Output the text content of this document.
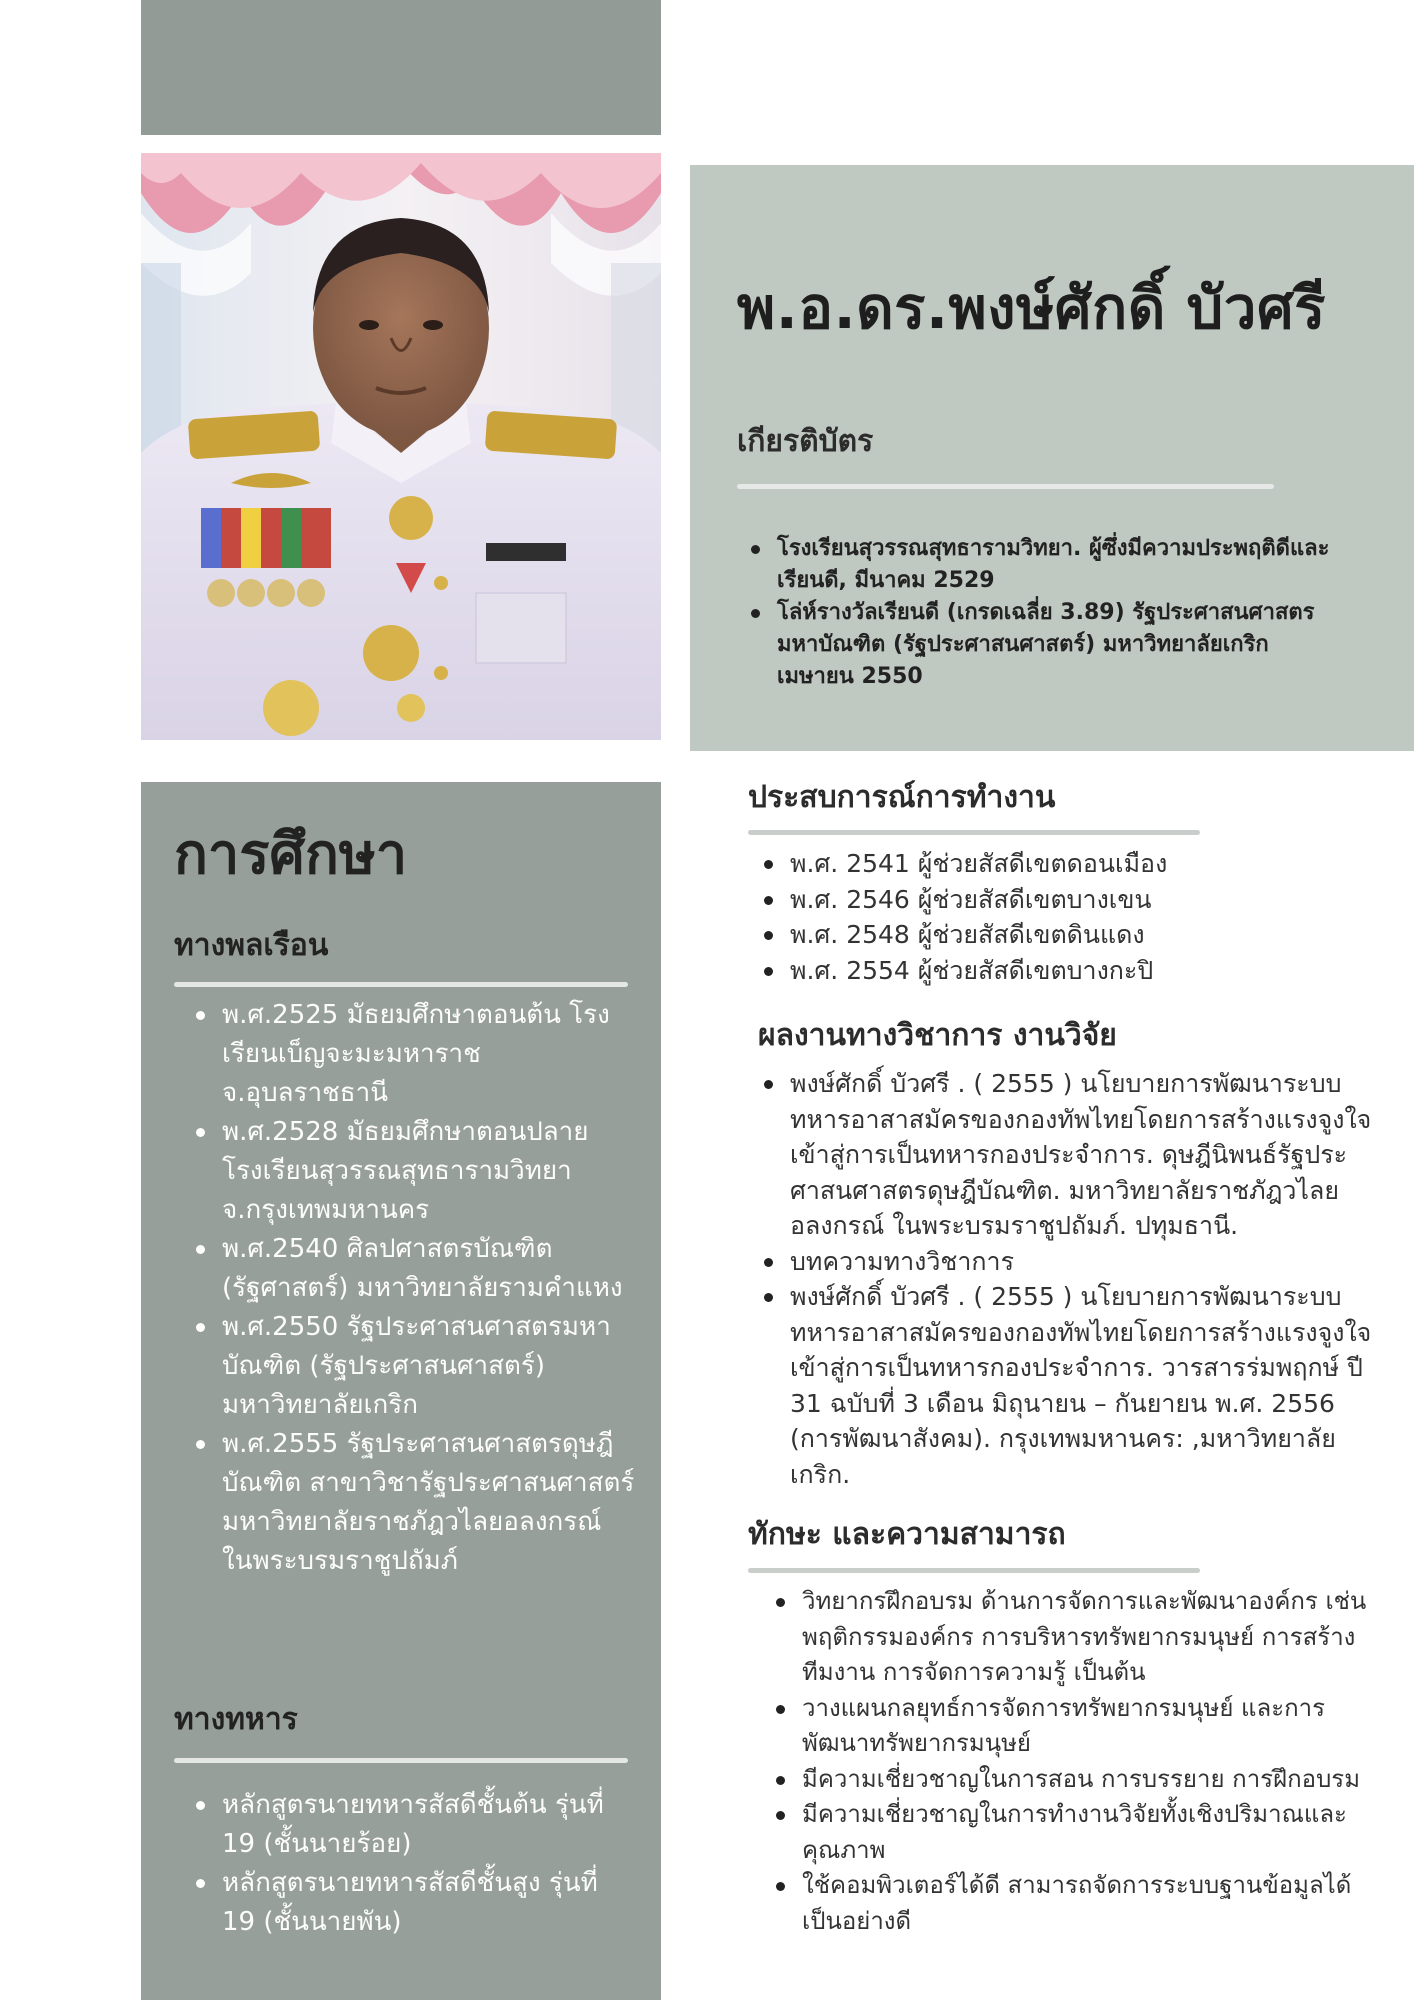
พ.อ.ดร.พงษ์ศักดิ์ บัวศรี
เกียรติบัตร
โรงเรียนสุวรรณสุทธารามวิทยา. ผู้ซึ่งมีความประพฤติดีและเรียนดี, มีนาคม 2529
โล่ห์รางวัลเรียนดี (เกรดเฉลี่ย 3.89) รัฐประศาสนศาสตรมหาบัณฑิต (รัฐประศาสนศาสตร์) มหาวิทยาลัยเกริก เมษายน 2550
ประสบการณ์การทำงาน
พ.ศ. 2541 ผู้ช่วยสัสดีเขตดอนเมือง
พ.ศ. 2546 ผู้ช่วยสัสดีเขตบางเขน
พ.ศ. 2548 ผู้ช่วยสัสดีเขตดินแดง
พ.ศ. 2554 ผู้ช่วยสัสดีเขตบางกะปิ
ผลงานทางวิชาการ งานวิจัย
พงษ์ศักดิ์ บัวศรี . ( 2555 ) นโยบายการพัฒนาระบบทหารอาสาสมัครของกองทัพไทยโดยการสร้างแรงจูงใจเข้าสู่การเป็นทหารกองประจำการ. ดุษฎีนิพนธ์รัฐประศาสนศาสตรดุษฎีบัณฑิต. มหาวิทยาลัยราชภัฎวไลยอลงกรณ์ ในพระบรมราชูปถัมภ์. ปทุมธานี.
บทความทางวิชาการ
พงษ์ศักดิ์ บัวศรี . ( 2555 ) นโยบายการพัฒนาระบบทหารอาสาสมัครของกองทัพไทยโดยการสร้างแรงจูงใจเข้าสู่การเป็นทหารกองประจำการ. วารสารร่มพฤกษ์ ปี 31 ฉบับที่ 3 เดือน มิถุนายน – กันยายน พ.ศ. 2556 (การพัฒนาสังคม). กรุงเทพมหานคร: ,มหาวิทยาลัยเกริก.
ทักษะ และความสามารถ
วิทยากรฝึกอบรม ด้านการจัดการและพัฒนาองค์กร เช่น พฤติกรรมองค์กร การบริหารทรัพยากรมนุษย์ การสร้างทีมงาน การจัดการความรู้ เป็นต้น
วางแผนกลยุทธ์การจัดการทรัพยากรมนุษย์ และการพัฒนาทรัพยากรมนุษย์
มีความเชี่ยวชาญในการสอน การบรรยาย การฝึกอบรม
มีความเชี่ยวชาญในการทำงานวิจัยทั้งเชิงปริมาณและคุณภาพ
ใช้คอมพิวเตอร์ได้ดี สามารถจัดการระบบฐานข้อมูลได้เป็นอย่างดี
การศึกษา
ทางพลเรือน
พ.ศ.2525 มัธยมศึกษาตอนต้น โรงเรียนเบ็ญจะมะมหาราช จ.อุบลราชธานี
พ.ศ.2528 มัธยมศึกษาตอนปลาย โรงเรียนสุวรรณสุทธารามวิทยา จ.กรุงเทพมหานคร
พ.ศ.2540 ศิลปศาสตรบัณฑิต (รัฐศาสตร์) มหาวิทยาลัยรามคำแหง
พ.ศ.2550 รัฐประศาสนศาสตรมหาบัณฑิต (รัฐประศาสนศาสตร์) มหาวิทยาลัยเกริก
พ.ศ.2555 รัฐประศาสนศาสตรดุษฎีบัณฑิต สาขาวิชารัฐประศาสนศาสตร์ มหาวิทยาลัยราชภัฎวไลยอลงกรณ์ ในพระบรมราชูปถัมภ์
ทางทหาร
หลักสูตรนายทหารสัสดีชั้นต้น รุ่นที่ 19 (ชั้นนายร้อย)
หลักสูตรนายทหารสัสดีชั้นสูง รุ่นที่ 19 (ชั้นนายพัน)
